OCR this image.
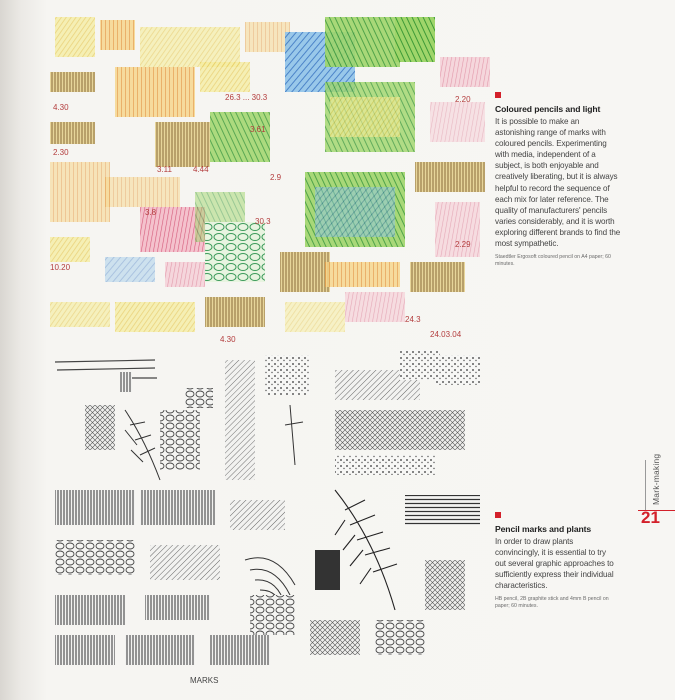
4.30
2.30
26.3 ... 30.3
3.61
3.11	4.44
3.8
2.9
30.3
2.20
24.3
4.30
10.20
24.03.04
2.29
MARKS
Coloured pencils and light
It is possible to make an astonishing range of marks with coloured pencils. Experimenting with media, independent of a subject, is both enjoyable and creatively liberating, but it is always helpful to record the sequence of each mix for later reference. The quality of manufacturers' pencils varies considerably, and it is worth exploring different brands to find the most sympathetic.
Staedtler Ergosoft coloured pencil on A4 paper; 60 minutes.
Pencil marks and plants
In order to draw plants convincingly, it is essential to try out several graphic approaches to sufficiently express their individual characteristics.
HB pencil, 2B graphite stick and 4mm B pencil on paper; 60 minutes.
Mark-making
21
